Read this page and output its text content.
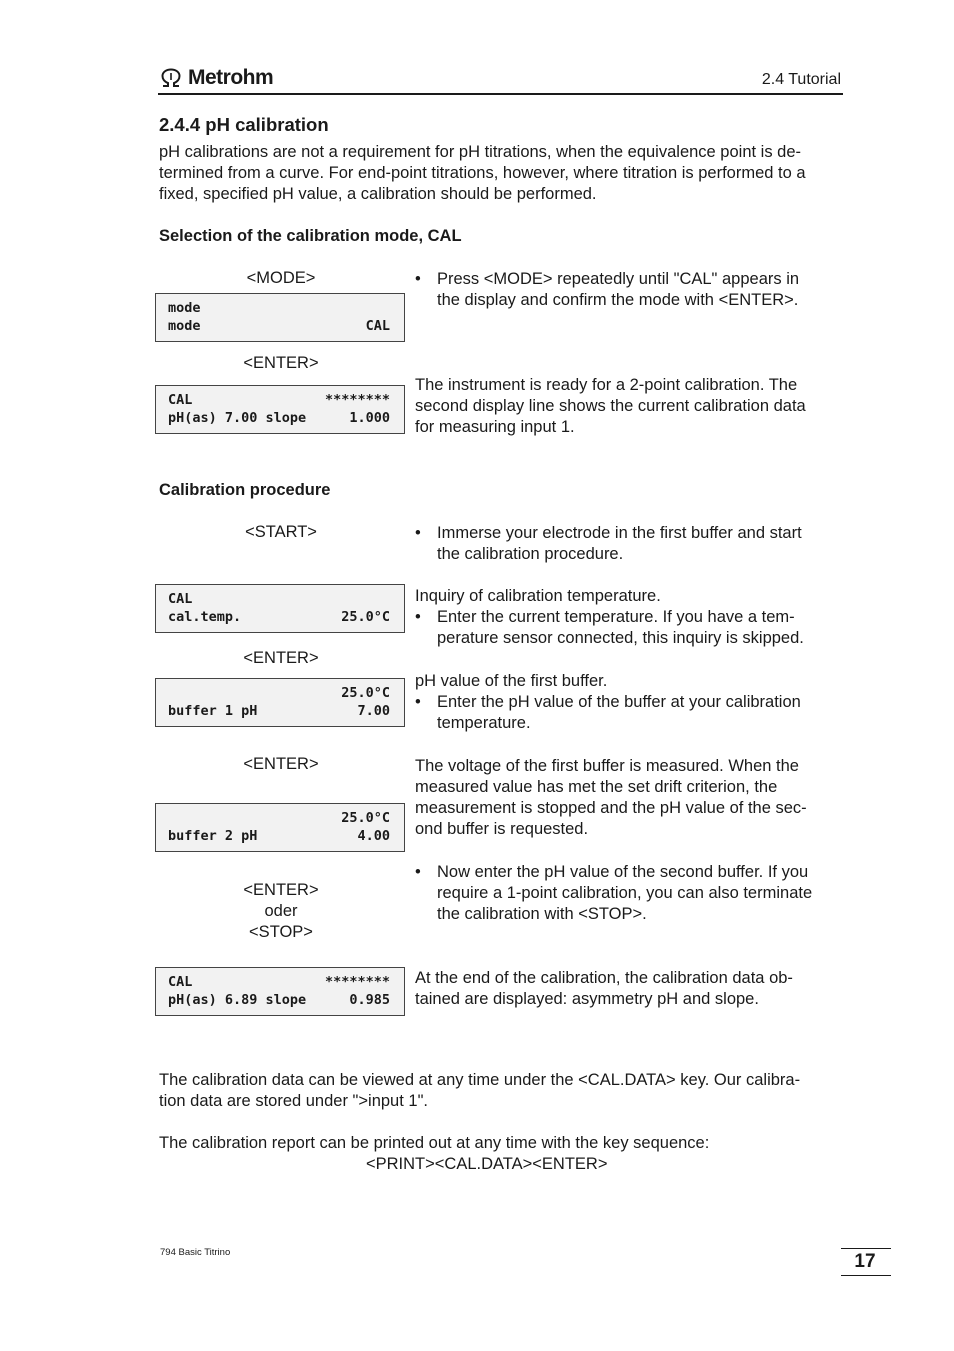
Metrohm	2.4 Tutorial
2.4.4 pH calibration
pH calibrations are not a requirement for pH titrations, when the equivalence point is de-
termined from a curve. For end-point titrations, however, where titration is performed to a
fixed, specified pH value, a calibration should be performed.
Selection of the calibration mode, CAL
<MODE>
mode
mode	CAL
• Press <MODE> repeatedly until "CAL" appears in
the display and confirm the mode with <ENTER>.
<ENTER>
CAL	********
pH(as) 7.00 slope	1.000
The instrument is ready for a 2-point calibration. The
second display line shows the current calibration data
for measuring input 1.
Calibration procedure
<START>
•	Immerse your electrode in the first buffer and start
the calibration procedure.
CAL
cal.temp.	25.0°C
Inquiry of calibration temperature.
• Enter the current temperature. If you have a tem-
perature sensor connected, this inquiry is skipped.
<ENTER>
25.0°C
buffer 1 pH	7.00
pH value of the first buffer.
• Enter the pH value of the buffer at your calibration
temperature.
<ENTER>	The voltage of the first buffer is measured. When the
measured value has met the set drift criterion, the
measurement is stopped and the pH value of the sec-
ond buffer is requested.
25.0°C
buffer 2 pH	4.00
• Now enter the pH value of the second buffer. If you
require a 1-point calibration, you can also terminate
the calibration with <STOP>.
<ENTER>
oder
<STOP>
CAL	********
pH(as) 6.89 slope	0.985
At the end of the calibration, the calibration data ob-
tained are displayed: asymmetry pH and slope.
The calibration data can be viewed at any time under the <CAL.DATA> key. Our calibra-
tion data are stored under ">input 1".
The calibration report can be printed out at any time with the key sequence:
<PRINT><CAL.DATA><ENTER>
794 Basic Titrino	17
